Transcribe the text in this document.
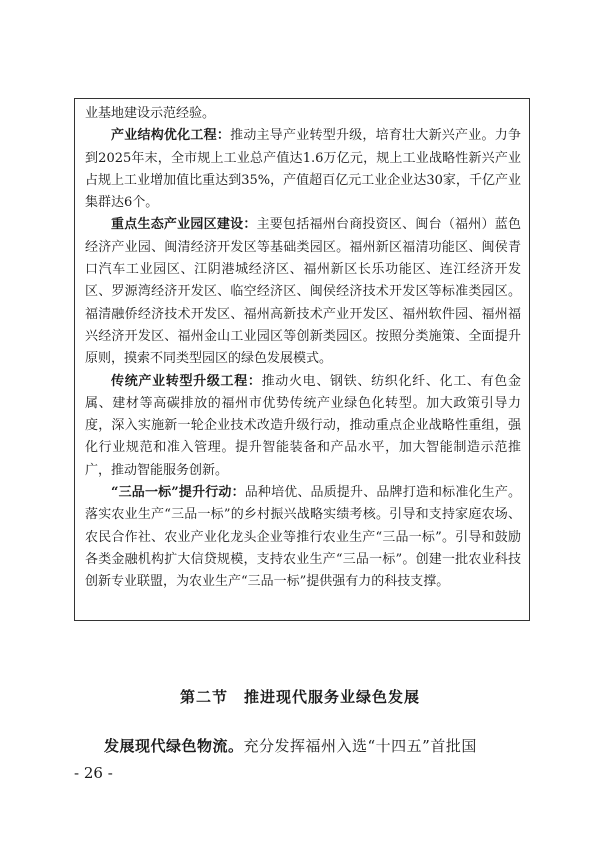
业基地建设示范经验。

产业结构优化工程：推动主导产业转型升级，培育壮大新兴产业。力争到2025年末，全市规上工业总产值达1.6万亿元，规上工业战略性新兴产业占规上工业增加值比重达到35%，产值超百亿元工业企业达30家，千亿产业集群达6个。

重点生态产业园区建设：主要包括福州台商投资区、闽台（福州）蓝色经济产业园、闽清经济开发区等基础类园区。福州新区福清功能区、闽侯青口汽车工业园区、江阴港城经济区、福州新区长乐功能区、连江经济开发区、罗源湾经济开发区、临空经济区、闽侯经济技术开发区等标准类园区。福清融侨经济技术开发区、福州高新技术产业开发区、福州软件园、福州福兴经济开发区、福州金山工业园区等创新类园区。按照分类施策、全面提升原则，摸索不同类型园区的绿色发展模式。

传统产业转型升级工程：推动火电、钢铁、纺织化纤、化工、有色金属、建材等高碳排放的福州市优势传统产业绿色化转型。加大政策引导力度，深入实施新一轮企业技术改造升级行动，推动重点企业战略性重组，强化行业规范和准入管理。提升智能装备和产品水平，加大智能制造示范推广，推动智能服务创新。

“三品一标”提升行动：品种培优、品质提升、品牌打造和标准化生产。落实农业生产“三品一标”的乡村振兴战略实绩考核。引导和支持家庭农场、农民合作社、农业产业化龙头企业等推行农业生产“三品一标”。引导和鼓励各类金融机构扩大信贷规模，支持农业生产“三品一标”。创建一批农业科技创新专业联盟，为农业生产“三品一标”提供强有力的科技支撑。

第二节　推进现代服务业绿色发展
发展现代绿色物流。充分发挥福州入选“十四五”首批国
- 26 -
